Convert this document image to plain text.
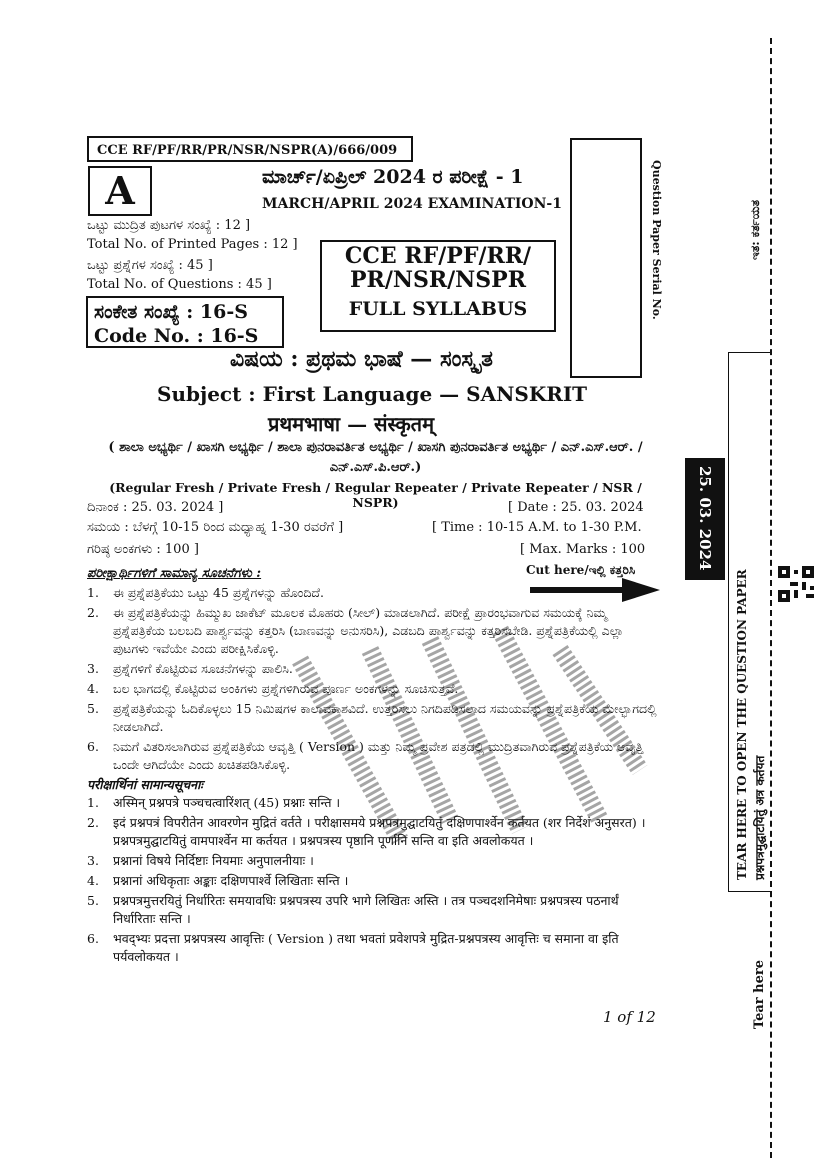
CCE RF/PF/RR/PR/NSR/NSPR(A)/666/009
A	ಮಾರ್ಚ್/ಏಪ್ರಿಲ್ 2024 ರ ಪರೀಕ್ಷೆ - 1
MARCH/APRIL 2024 EXAMINATION-1
ಒಟ್ಟು ಮುದ್ರಿತ ಪುಟಗಳ ಸಂಖ್ಯೆ : 12 ]
Total No. of Printed Pages : 12 ]
ಒಟ್ಟು ಪ್ರಶ್ನೆಗಳ ಸಂಖ್ಯೆ : 45 ]
Total No. of Questions : 45 ]
ಸಂಕೇತ ಸಂಖ್ಯೆ : 16-S
Code No. : 16-S
CCE RF/PF/RR/
PR/NSR/NSPR
FULL SYLLABUS	Question Paper Serial No.
ವಿಷಯ : ಪ್ರಥಮ ಭಾಷೆ — ಸಂಸ್ಕೃತ
Subject : First Language — SANSKRIT
प्रथमभाषा — संस्कृतम्
( ಶಾಲಾ ಅಭ್ಯರ್ಥಿ / ಖಾಸಗಿ ಅಭ್ಯರ್ಥಿ / ಶಾಲಾ ಪುನರಾವರ್ತಿತ ಅಭ್ಯರ್ಥಿ / ಖಾಸಗಿ ಪುನರಾವರ್ತಿತ ಅಭ್ಯರ್ಥಿ / ಎನ್.ಎಸ್.ಆರ್. / ಎನ್.ಎಸ್.ಪಿ.ಆರ್.)
(Regular Fresh / Private Fresh / Regular Repeater / Private Repeater / NSR / NSPR)
ದಿನಾಂಕ : 25. 03. 2024 ]	[ Date : 25. 03. 2024
ಸಮಯ : ಬೆಳಗ್ಗೆ 10-15 ರಿಂದ ಮಧ್ಯಾಹ್ನ 1-30 ರವರೆಗೆ ]	[ Time : 10-15 A.M. to 1-30 P.M.
ಗರಿಷ್ಠ ಅಂಕಗಳು : 100 ]	[ Max. Marks : 100
ಪರೀಕ್ಷಾರ್ಥಿಗಳಿಗೆ ಸಾಮಾನ್ಯ ಸೂಚನೆಗಳು :	Cut here/ಇಲ್ಲಿ ಕತ್ತರಿಸಿ
1.	ಈ ಪ್ರಶ್ನೆಪತ್ರಿಕೆಯು ಒಟ್ಟು 45 ಪ್ರಶ್ನೆಗಳನ್ನು ಹೊಂದಿದೆ.
2.	ಈ ಪ್ರಶ್ನೆಪತ್ರಿಕೆಯನ್ನು ಹಿಮ್ಮುಖ ಜಾಕೆಟ್ ಮೂಲಕ ಮೊಹರು (ಸೀಲ್) ಮಾಡಲಾಗಿದೆ. ಪರೀಕ್ಷೆ ಪ್ರಾರಂಭವಾಗುವ ಸಮಯಕ್ಕೆ ನಿಮ್ಮ ಪ್ರಶ್ನೆಪತ್ರಿಕೆಯ ಬಲಬದಿ ಪಾರ್ಶ್ವವನ್ನು ಕತ್ತರಿಸಿ (ಬಾಣವನ್ನು ಅನುಸರಿಸಿ), ಎಡಬದಿ ಪಾರ್ಶ್ವವನ್ನು ಕತ್ತರಿಸಬೇಡಿ. ಪ್ರಶ್ನೆಪತ್ರಿಕೆಯಲ್ಲಿ ಎಲ್ಲಾ ಪುಟಗಳು ಇವೆಯೇ ಎಂದು ಪರೀಕ್ಷಿಸಿಕೊಳ್ಳಿ.
3.	ಪ್ರಶ್ನೆಗಳಿಗೆ ಕೊಟ್ಟಿರುವ ಸೂಚನೆಗಳನ್ನು ಪಾಲಿಸಿ.
4.	ಬಲ ಭಾಗದಲ್ಲಿ ಕೊಟ್ಟಿರುವ ಅಂಕಿಗಳು ಪ್ರಶ್ನೆಗಳಿಗಿರುವ ಪೂರ್ಣ ಅಂಕಗಳನ್ನು ಸೂಚಿಸುತ್ತವೆ.
5.	ಪ್ರಶ್ನೆಪತ್ರಿಕೆಯನ್ನು ಓದಿಕೊಳ್ಳಲು 15 ನಿಮಿಷಗಳ ಕಾಲಾವಕಾಶವಿದೆ. ಉತ್ತರಿಸಲು ನಿಗದಿಪಡಿಸಲಾದ ಸಮಯವನ್ನು ಪ್ರಶ್ನೆಪತ್ರಿಕೆಯ ಮೇಲ್ಭಾಗದಲ್ಲಿ ನೀಡಲಾಗಿದೆ.
6.	ನಿಮಗೆ ವಿತರಿಸಲಾಗಿರುವ ಪ್ರಶ್ನೆಪತ್ರಿಕೆಯ ಆವೃತ್ತಿ ( Version ) ಮತ್ತು ನಿಮ್ಮ ಪ್ರವೇಶ ಪತ್ರದಲ್ಲಿ ಮುದ್ರಿತವಾಗಿರುವ ಪ್ರಶ್ನೆಪತ್ರಿಕೆಯ ಆವೃತ್ತಿ ಒಂದೇ ಆಗಿದೆಯೇ ಎಂದು ಖಚಿತಪಡಿಸಿಕೊಳ್ಳಿ.
परीक्षार्थिनां सामान्यसूचनाः
1.	अस्मिन् प्रश्नपत्रे पञ्चचत्वारिंशत् (45) प्रश्नाः सन्ति ।
2.	इदं प्रश्नपत्रं विपरीतेन आवरणेन मुद्रितं वर्तते । परीक्षासमये प्रश्नपत्रमुद्घाटयितुं दक्षिणपार्श्वेन कर्तयत (शर निर्देशं अनुसरत) । प्रश्नपत्रमुद्घाटयितुं वामपार्श्वेन मा कर्तयत । प्रश्नपत्रस्य पृष्ठानि पूर्णानि सन्ति वा इति अवलोकयत ।
3.	प्रश्नानां विषये निर्दिष्टाः नियमाः अनुपालनीयाः ।
4.	प्रश्नानां अधिकृताः अङ्काः दक्षिणपार्श्वे लिखिताः सन्ति ।
5.	प्रश्नपत्रमुत्तरयितुं निर्धारितः समयावधिः प्रश्नपत्रस्य उपरि भागे लिखितः अस्ति । तत्र पञ्चदशनिमेषाः प्रश्नपत्रस्य पठनार्थं निर्धारिताः सन्ति ।
6.	भवद्भ्यः प्रदत्ता प्रश्नपत्रस्य आवृत्तिः ( Version ) तथा भवतां प्रवेशपत्रे मुद्रित-प्रश्नपत्रस्य आवृत्तिः च समाना वा इति पर्यवलोकयत ।
1 of 12
TEAR HERE TO OPEN THE QUESTION PAPER प्रश्नपत्रमुद्घाटयितुं अत्र कर्तयत
25. 03. 2024
ಇತ: ಕರ್ತಯತ
Tear here
